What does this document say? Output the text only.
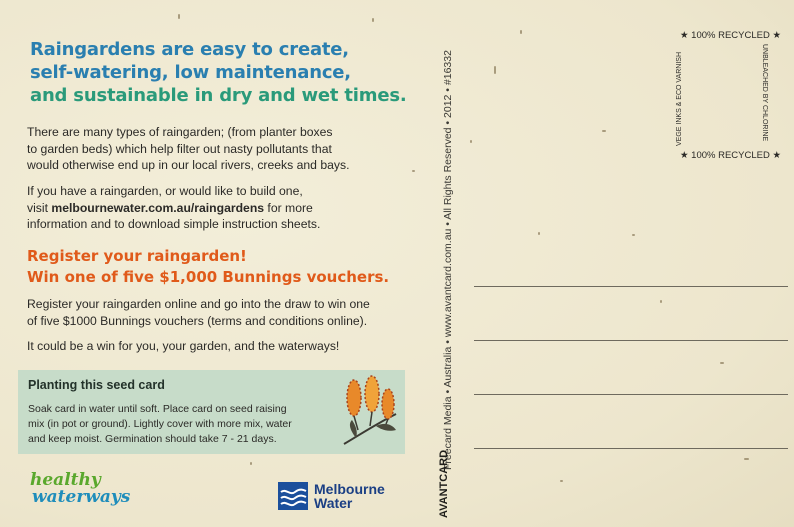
Raingardens are easy to create,
self-watering, low maintenance,
and sustainable in dry and wet times.
There are many types of raingarden; (from planter boxes
to garden beds) which help filter out nasty pollutants that
would otherwise end up in our local rivers, creeks and bays.
If you have a raingarden, or would like to build one,
visit melbournewater.com.au/raingardens for more
information and to download simple instruction sheets.
Register your raingarden!
Win one of five $1,000 Bunnings vouchers.
Register your raingarden online and go into the draw to win one
of five $1000 Bunnings vouchers (terms and conditions online).
It could be a win for you, your garden, and the waterways!
Planting this seed card
Soak card in water until soft. Place card on seed raising
mix (in pot or ground). Lightly cover with more mix, water
and keep moist. Germination should take 7 - 21 days.
healthy
waterways	Melbourne
Water
Freecard Media • Australia • www.avantcard.com.au • All Rights Reserved • 2012 • #16332
AVANTCARD
★ 100% RECYCLED ★
VEGE INKS & ECO VARNISH	UNBLEACHED BY CHLORINE
★ 100% RECYCLED ★
